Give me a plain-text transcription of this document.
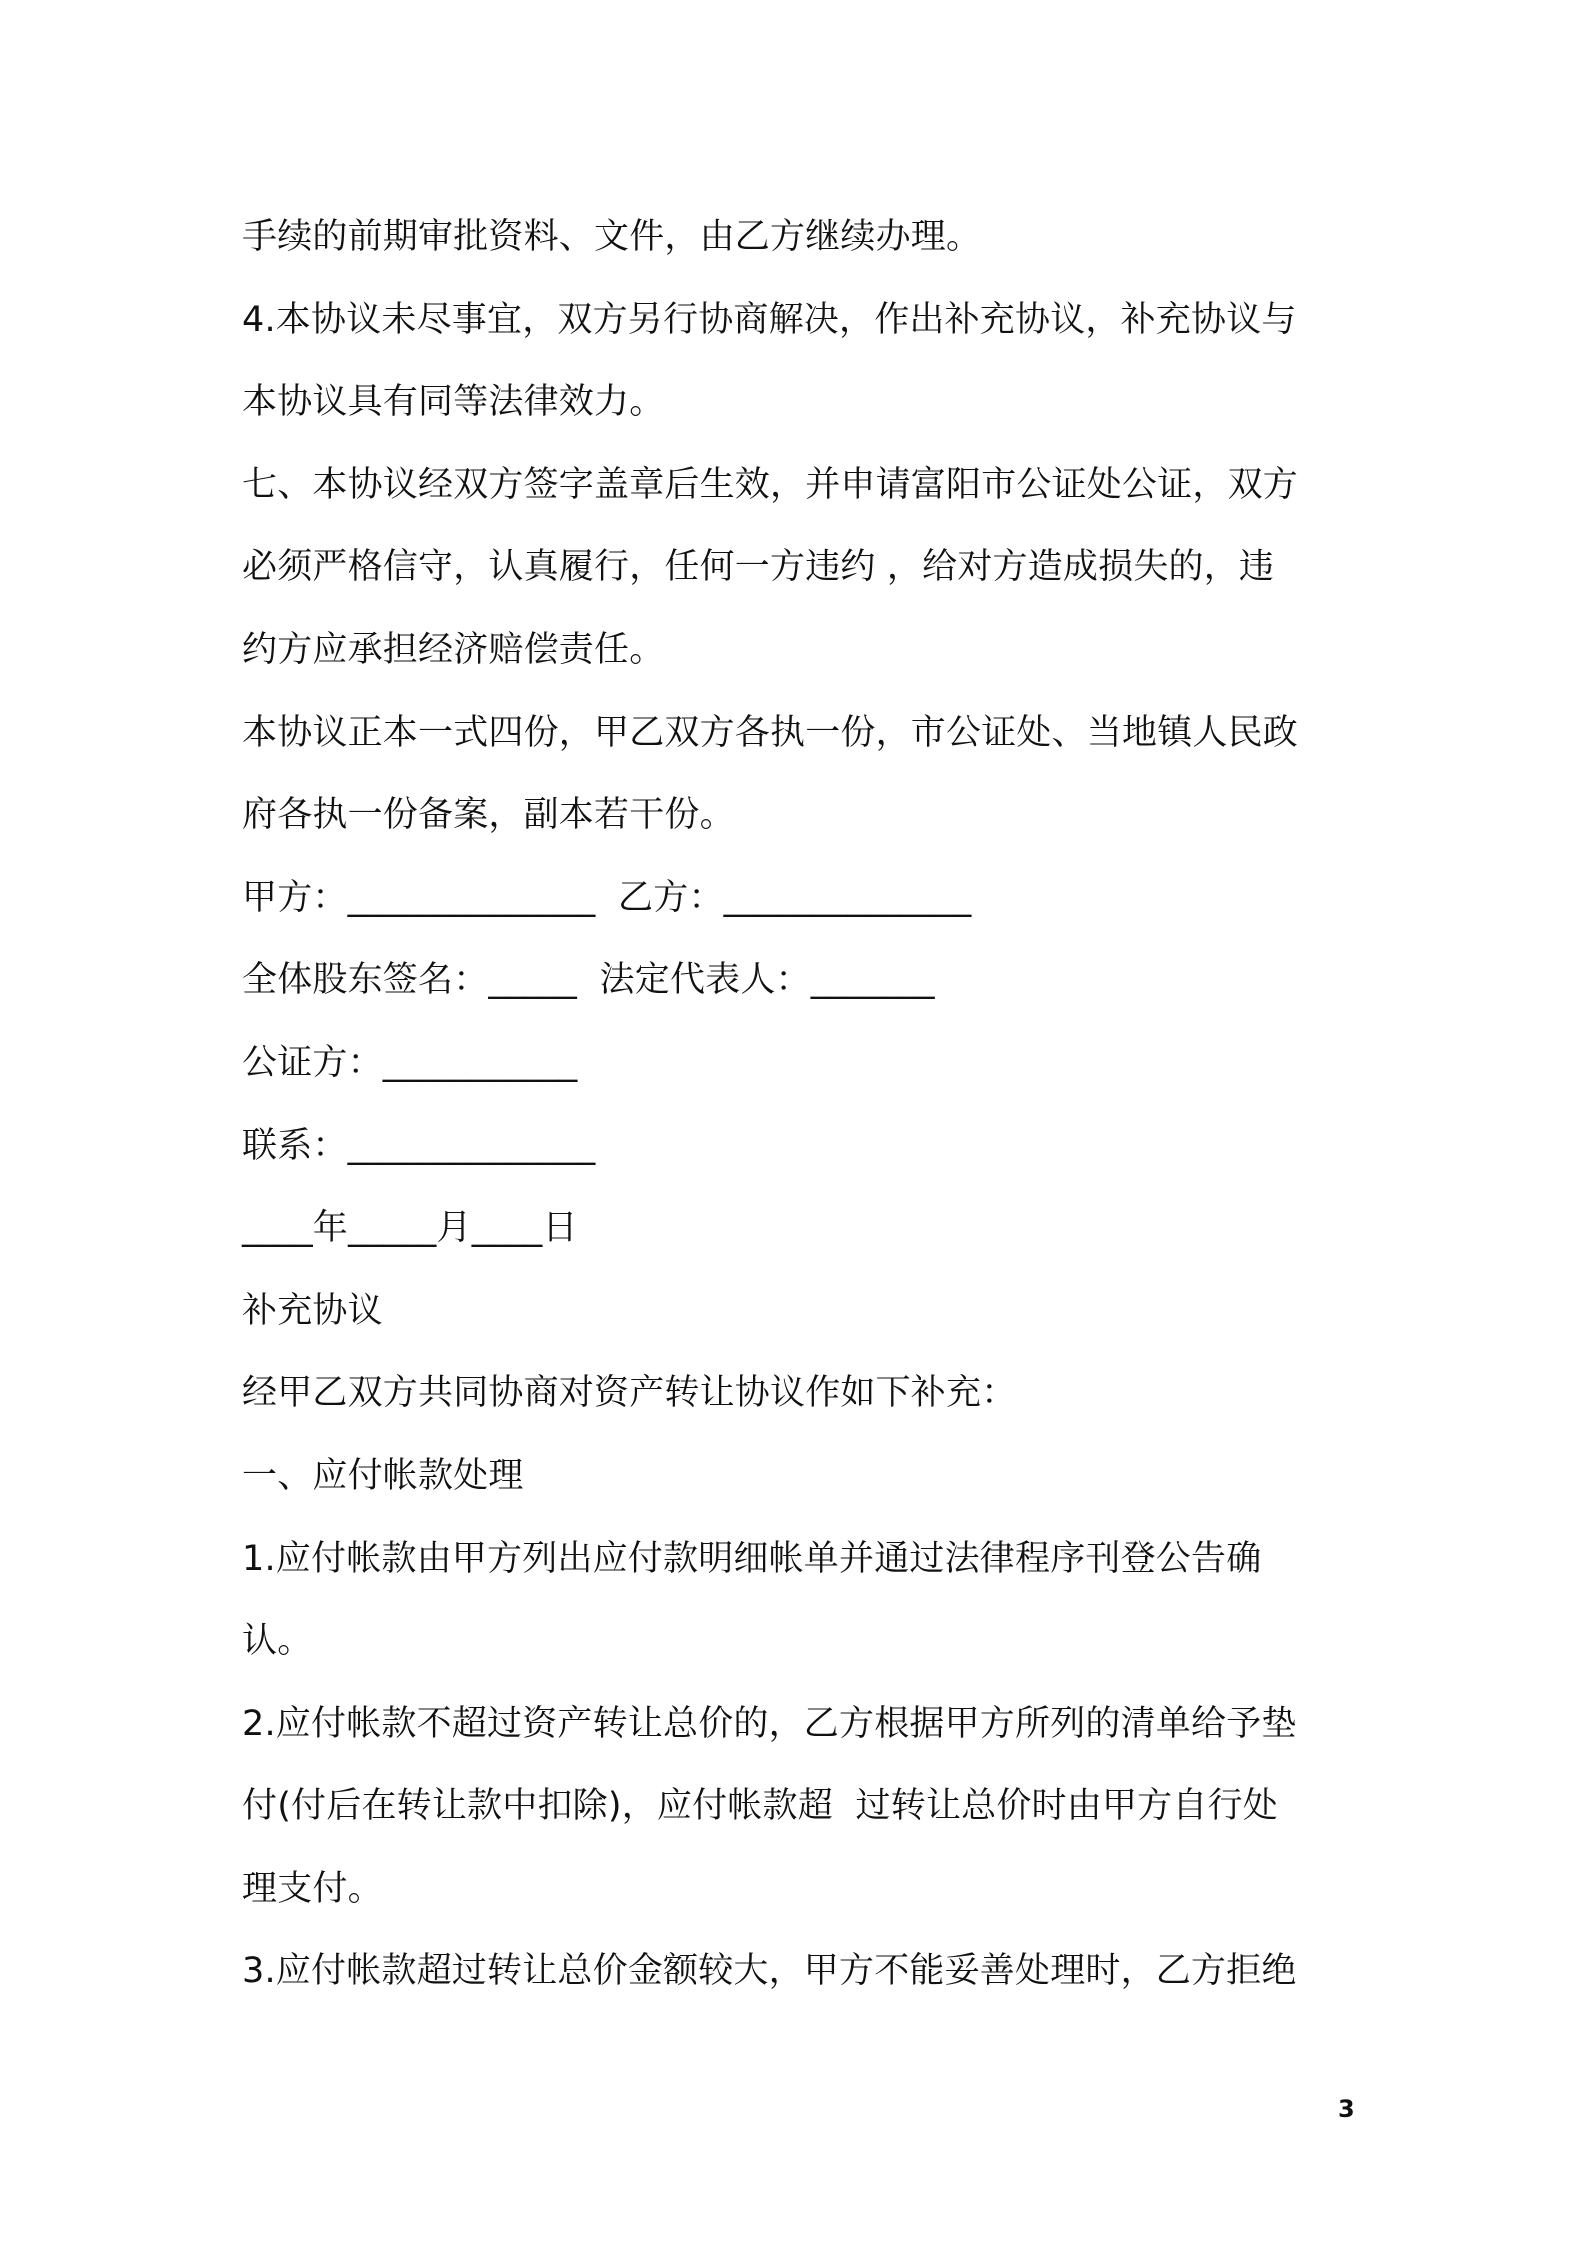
手续的前期审批资料、文件，由乙方继续办理。
4.本协议未尽事宜，双方另行协商解决，作出补充协议，补充协议与
本协议具有同等法律效力。
七、本协议经双方签字盖章后生效，并申请富阳市公证处公证，双方
必须严格信守，认真履行，任何一方违约 ，给对方造成损失的，违
约方应承担经济赔偿责任。
本协议正本一式四份，甲乙双方各执一份，市公证处、当地镇人民政
府各执一份备案，副本若干份。
甲方：______________  乙方：______________
全体股东签名：_____  法定代表人：_______
公证方：___________
联系：______________
____年_____月____日
补充协议
经甲乙双方共同协商对资产转让协议作如下补充：
一、应付帐款处理
1.应付帐款由甲方列出应付款明细帐单并通过法律程序刊登公告确
认。
2.应付帐款不超过资产转让总价的，乙方根据甲方所列的清单给予垫
付(付后在转让款中扣除)，应付帐款超  过转让总价时由甲方自行处
理支付。
3.应付帐款超过转让总价金额较大，甲方不能妥善处理时，乙方拒绝
3
